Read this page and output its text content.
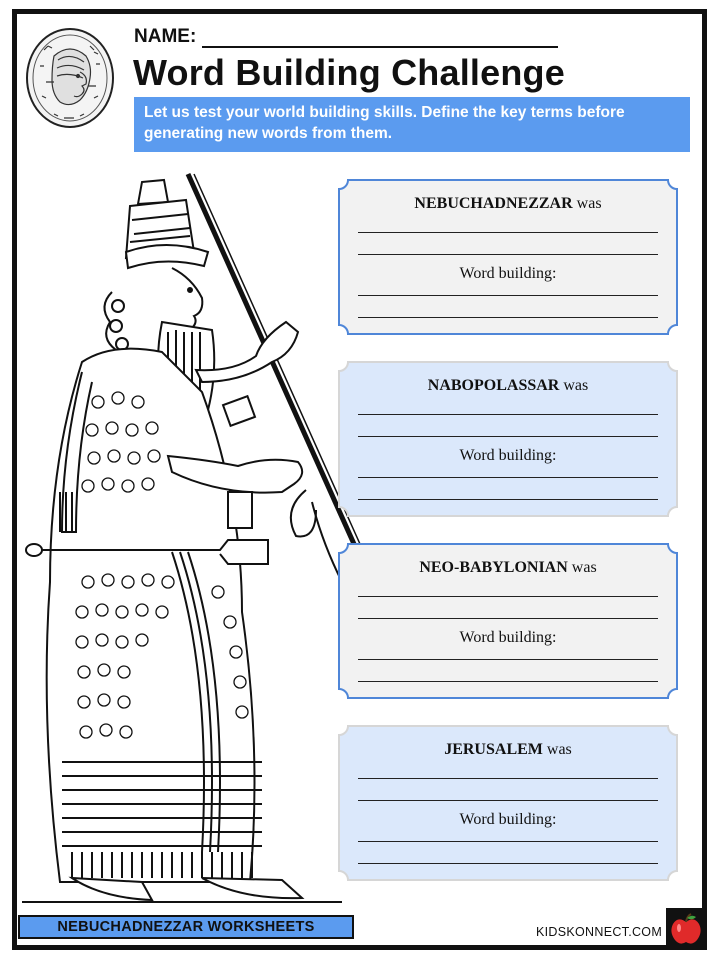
NAME:
Word Building Challenge
Let us test your world building skills. Define the key terms before generating new words from them.
NEBUCHADNEZZAR was
Word building:
NABOPOLASSAR was
Word building:
NEO-BABYLONIAN was
Word building:
JERUSALEM was
Word building:
NEBUCHADNEZZAR WORKSHEETS	KIDSKONNECT.COM
